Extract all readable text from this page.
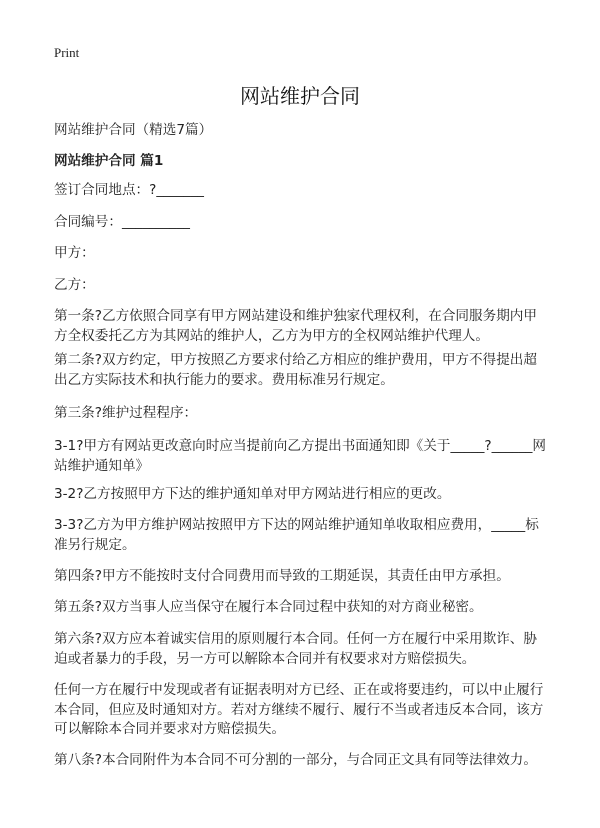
Print
网站维护合同
网站维护合同（精选7篇）
网站维护合同 篇1
签订合同地点：?_______
合同编号：__________
甲方：
乙方：
第一条?乙方依照合同享有甲方网站建设和维护独家代理权利，在合同服务期内甲
方全权委托乙方为其网站的维护人，乙方为甲方的全权网站维护代理人。
第二条?双方约定，甲方按照乙方要求付给乙方相应的维护费用，甲方不得提出超
出乙方实际技术和执行能力的要求。费用标准另行规定。
第三条?维护过程程序：
3-1?甲方有网站更改意向时应当提前向乙方提出书面通知即《关于_____?______网
站维护通知单》
3-2?乙方按照甲方下达的维护通知单对甲方网站进行相应的更改。
3-3?乙方为甲方维护网站按照甲方下达的网站维护通知单收取相应费用，_____标
准另行规定。
第四条?甲方不能按时支付合同费用而导致的工期延误，其责任由甲方承担。
第五条?双方当事人应当保守在履行本合同过程中获知的对方商业秘密。
第六条?双方应本着诚实信用的原则履行本合同。任何一方在履行中采用欺诈、胁
迫或者暴力的手段，另一方可以解除本合同并有权要求对方赔偿损失。
任何一方在履行中发现或者有证据表明对方已经、正在或将要违约，可以中止履行
本合同，但应及时通知对方。若对方继续不履行、履行不当或者违反本合同，该方
可以解除本合同并要求对方赔偿损失。
第八条?本合同附件为本合同不可分割的一部分，与合同正文具有同等法律效力。
